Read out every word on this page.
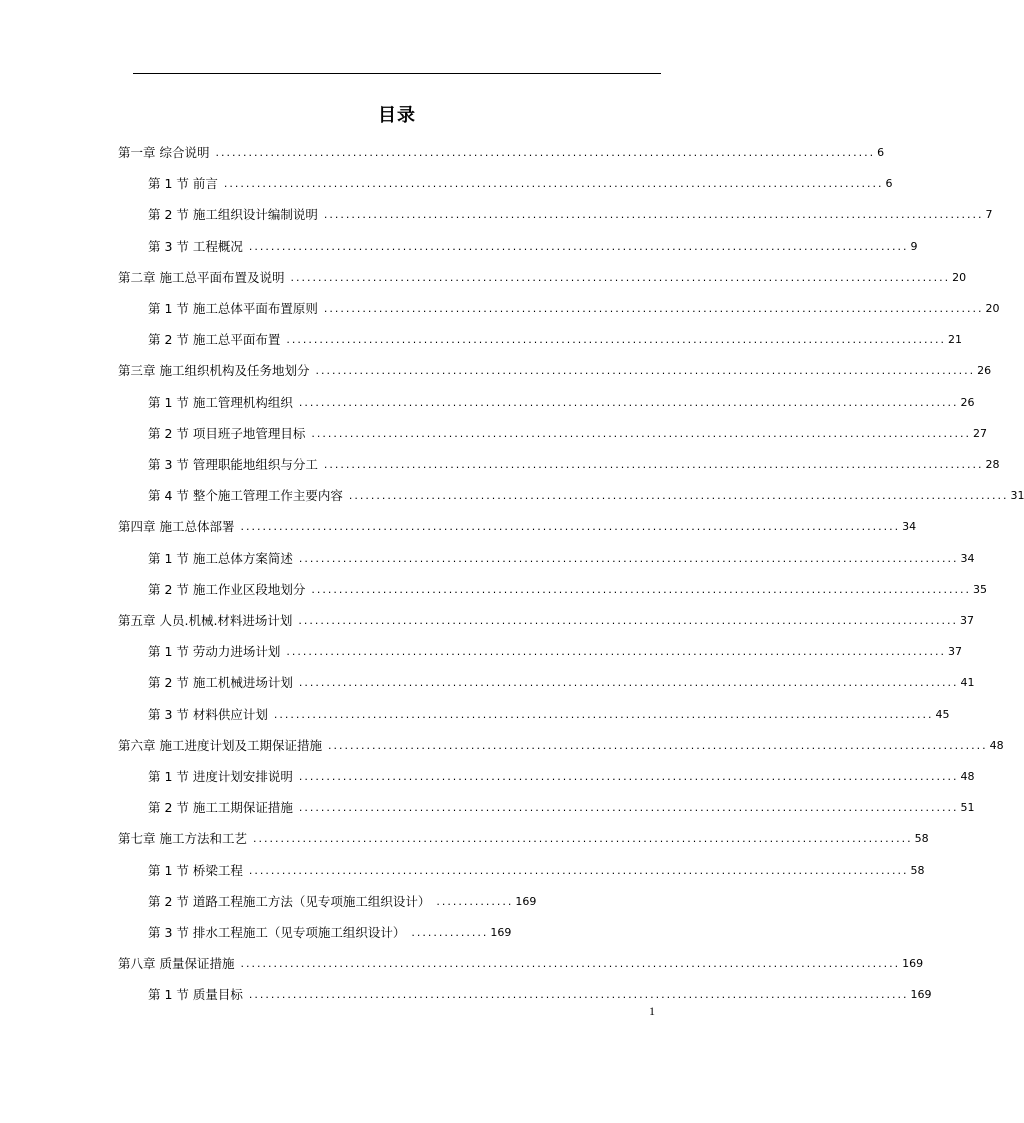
目录
第一章 综合说明 ........................................................................................................................ 6
第 1 节 前言 ........................................................................................................................ 6
第 2 节 施工组织设计编制说明 ........................................................................................................................ 7
第 3 节 工程概况 ........................................................................................................................ 9
第二章 施工总平面布置及说明 ........................................................................................................................ 20
第 1 节 施工总体平面布置原则 ........................................................................................................................ 20
第 2 节 施工总平面布置 ........................................................................................................................ 21
第三章 施工组织机构及任务地划分 ........................................................................................................................ 26
第 1 节 施工管理机构组织 ........................................................................................................................ 26
第 2 节 项目班子地管理目标 ........................................................................................................................ 27
第 3 节 管理职能地组织与分工 ........................................................................................................................ 28
第 4 节 整个施工管理工作主要内容 ........................................................................................................................ 31
第四章 施工总体部署 ........................................................................................................................ 34
第 1 节 施工总体方案简述 ........................................................................................................................ 34
第 2 节 施工作业区段地划分 ........................................................................................................................ 35
第五章 人员.机械.材料进场计划 ........................................................................................................................ 37
第 1 节 劳动力进场计划 ........................................................................................................................ 37
第 2 节 施工机械进场计划 ........................................................................................................................ 41
第 3 节 材料供应计划 ........................................................................................................................ 45
第六章 施工进度计划及工期保证措施 ........................................................................................................................ 48
第 1 节 进度计划安排说明 ........................................................................................................................ 48
第 2 节 施工工期保证措施 ........................................................................................................................ 51
第七章 施工方法和工艺 ........................................................................................................................ 58
第 1 节 桥梁工程 ........................................................................................................................ 58
第 2 节 道路工程施工方法（见专项施工组织设计） .............. 169
第 3 节 排水工程施工（见专项施工组织设计） .............. 169
第八章 质量保证措施 ........................................................................................................................ 169
第 1 节 质量目标 ........................................................................................................................ 169
1
